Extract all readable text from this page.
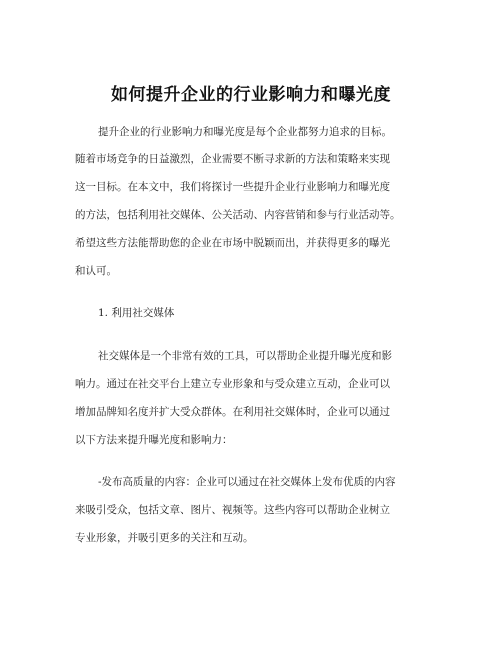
如何提升企业的行业影响力和曝光度
提升企业的行业影响力和曝光度是每个企业都努力追求的目标。
随着市场竞争的日益激烈，企业需要不断寻求新的方法和策略来实现
这一目标。在本文中，我们将探讨一些提升企业行业影响力和曝光度
的方法，包括利用社交媒体、公关活动、内容营销和参与行业活动等。
希望这些方法能帮助您的企业在市场中脱颖而出，并获得更多的曝光
和认可。
1. 利用社交媒体
社交媒体是一个非常有效的工具，可以帮助企业提升曝光度和影
响力。通过在社交平台上建立专业形象和与受众建立互动，企业可以
增加品牌知名度并扩大受众群体。在利用社交媒体时，企业可以通过
以下方法来提升曝光度和影响力：
-发布高质量的内容：企业可以通过在社交媒体上发布优质的内容
来吸引受众，包括文章、图片、视频等。这些内容可以帮助企业树立
专业形象，并吸引更多的关注和互动。
